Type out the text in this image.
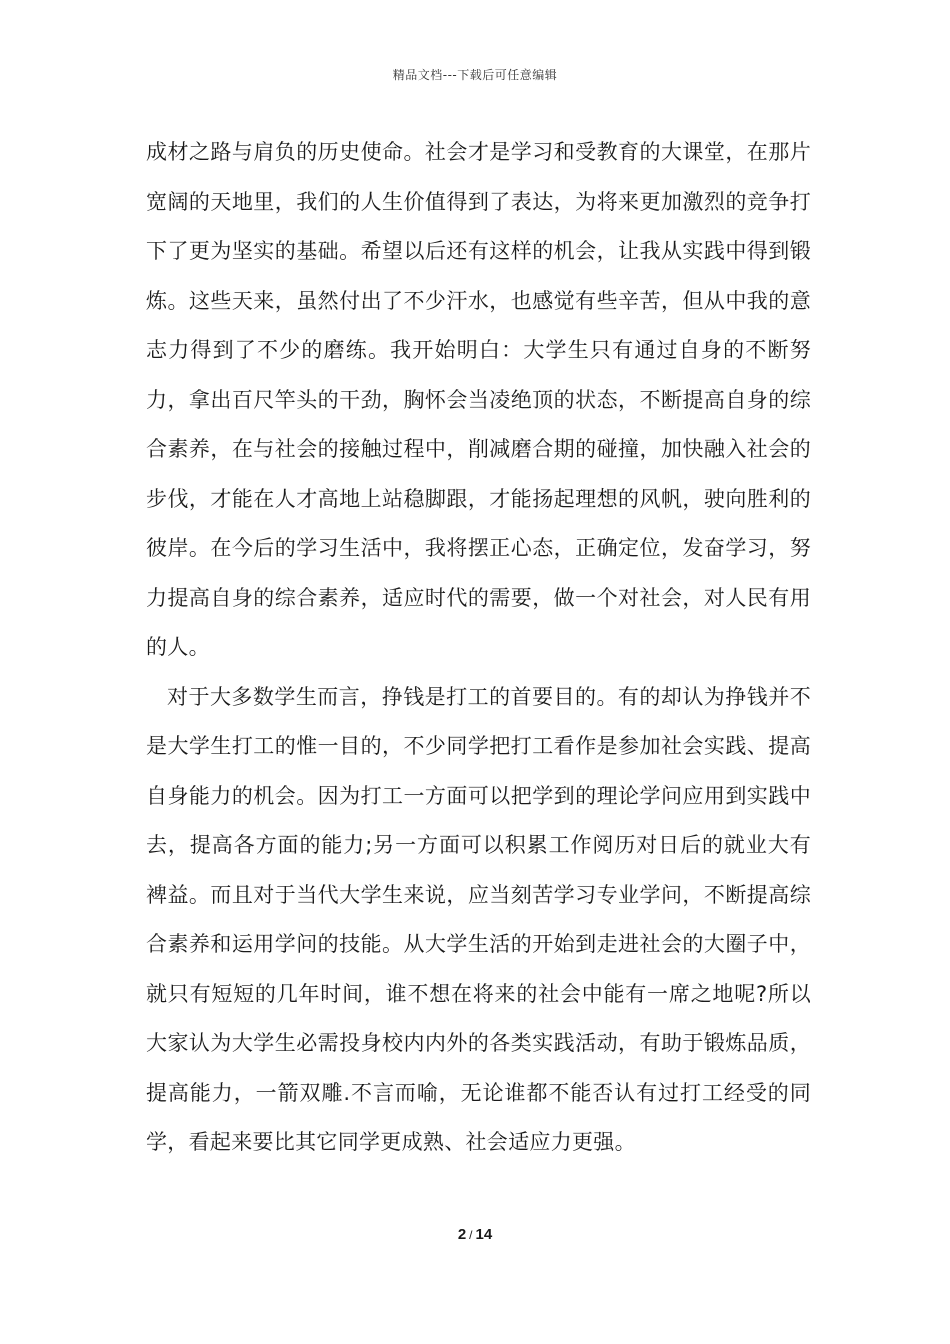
精品文档---下载后可任意编辑

成材之路与肩负的历史使命。社会才是学习和受教育的大课堂，在那片宽阔的天地里，我们的人生价值得到了表达，为将来更加激烈的竞争打下了更为坚实的基础。希望以后还有这样的机会，让我从实践中得到锻炼。这些天来，虽然付出了不少汗水，也感觉有些辛苦，但从中我的意志力得到了不少的磨练。我开始明白：大学生只有通过自身的不断努力，拿出百尺竿头的干劲，胸怀会当凌绝顶的状态，不断提高自身的综合素养，在与社会的接触过程中，削减磨合期的碰撞，加快融入社会的步伐，才能在人才高地上站稳脚跟，才能扬起理想的风帆，驶向胜利的彼岸。在今后的学习生活中，我将摆正心态，正确定位，发奋学习，努力提高自身的综合素养，适应时代的需要，做一个对社会，对人民有用的人。

对于大多数学生而言，挣钱是打工的首要目的。有的却认为挣钱并不是大学生打工的惟一目的，不少同学把打工看作是参加社会实践、提高自身能力的机会。因为打工一方面可以把学到的理论学问应用到实践中去，提高各方面的能力;另一方面可以积累工作阅历对日后的就业大有裨益。而且对于当代大学生来说，应当刻苦学习专业学问，不断提高综合素养和运用学问的技能。从大学生活的开始到走进社会的大圈子中，就只有短短的几年时间，谁不想在将来的社会中能有一席之地呢?所以大家认为大学生必需投身校内内外的各类实践活动，有助于锻炼品质，提高能力，一箭双雕.不言而喻，无论谁都不能否认有过打工经受的同学，看起来要比其它同学更成熟、社会适应力更强。

2 / 14
